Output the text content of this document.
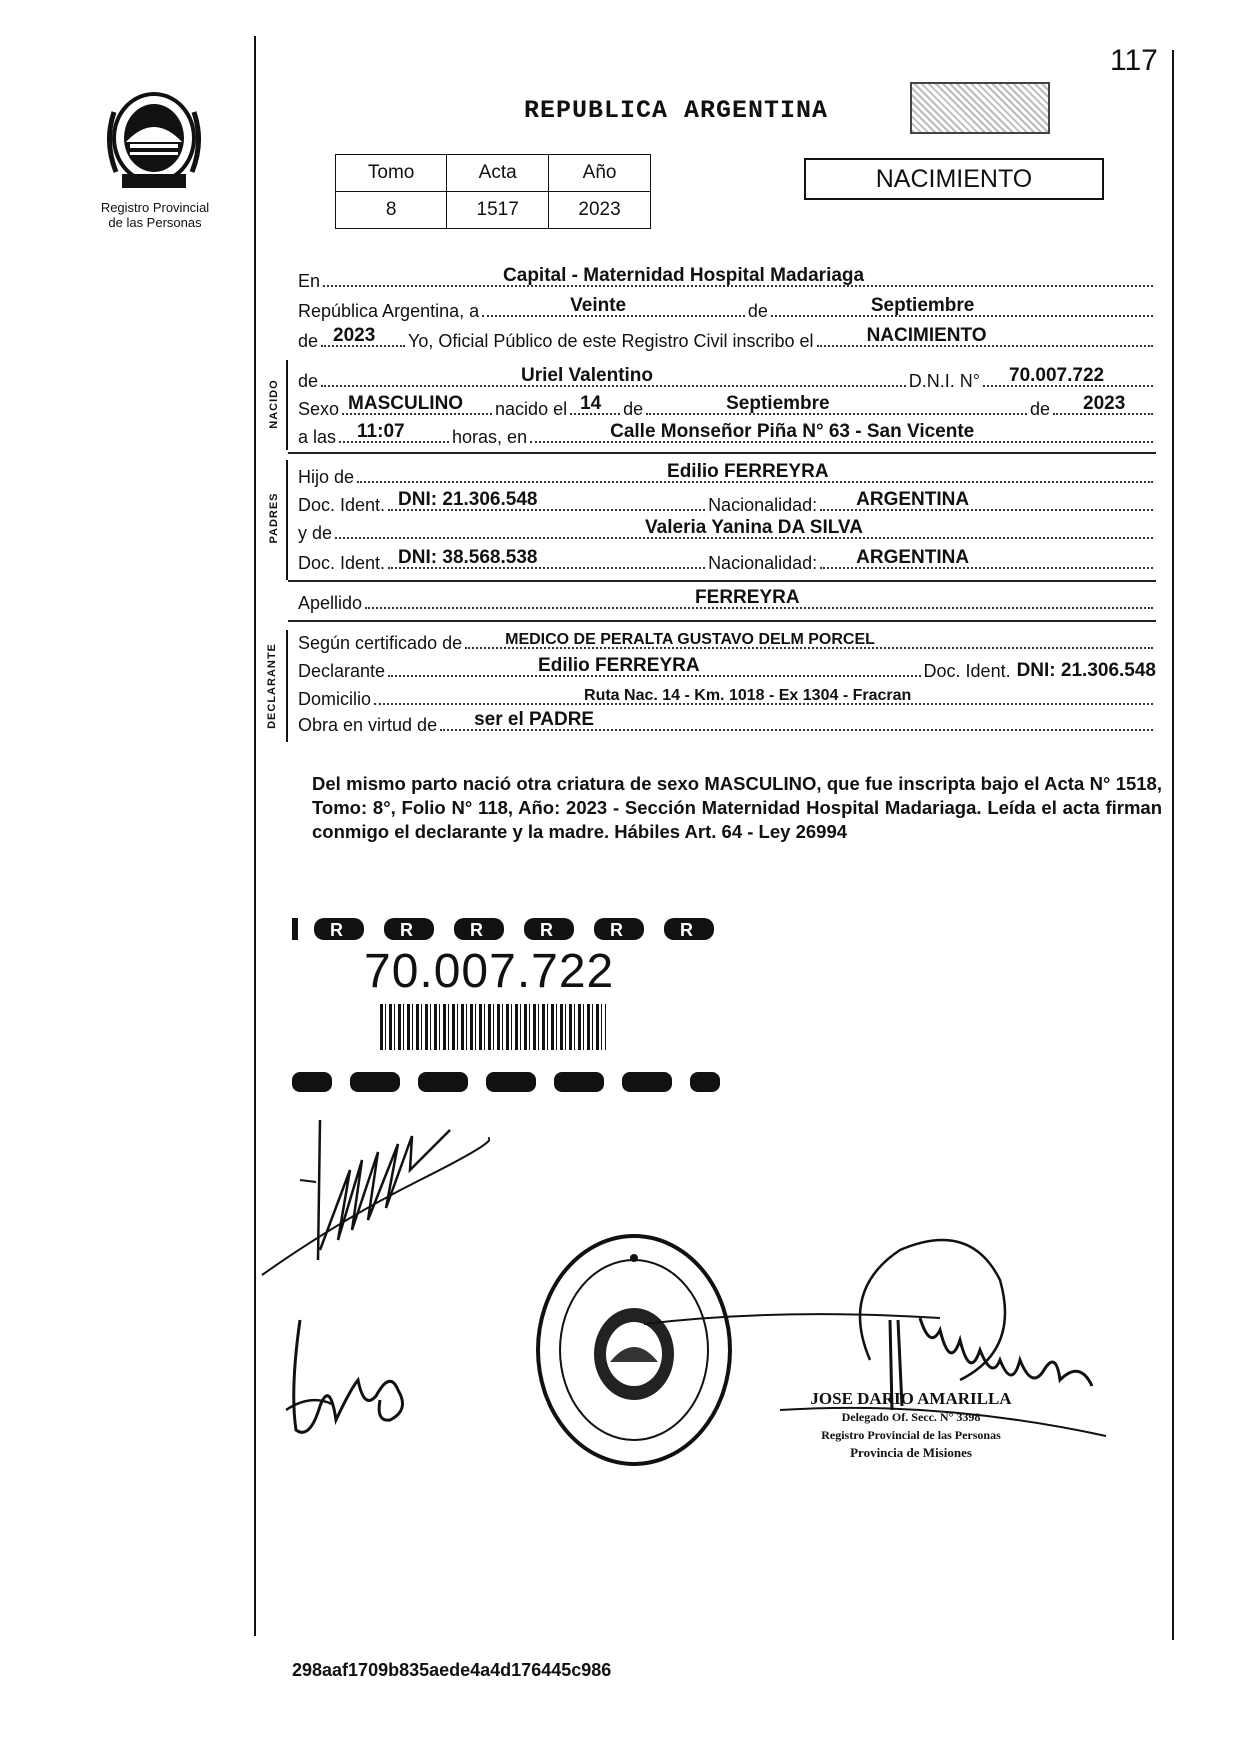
117
Registro Provincial
de las Personas
REPUBLICA ARGENTINA
Tomo	Acta	Año
8	1517	2023
NACIMIENTO
En	Capital - Maternidad Hospital Madariaga
República Argentina, a	Veinte	de	Septiembre
de 2023 Yo, Oficial Público de este Registro Civil inscribo el	NACIMIENTO
NACIDO de	Uriel Valentino	D.N.I. N° 70.007.722
Sexo MASCULINO nacido el 14 de	Septiembre	de 2023
a las 11:07	horas, en	Calle Monseñor Piña N° 63 - San Vicente
PADRES
Hijo de	Edilio FERREYRA
Doc. Ident. DNI: 21.306.548	Nacionalidad: ARGENTINA
y de	Valeria Yanina DA SILVA
Doc. Ident. DNI: 38.568.538	Nacionalidad: ARGENTINA
Apellido	FERREYRA
DECLARANTE
Según certificado de	MEDICO DE PERALTA GUSTAVO DELM PORCEL
Declarante	Edilio FERREYRA	Doc. Ident. DNI: 21.306.548
Domicilio	Ruta Nac. 14 - Km. 1018 - Ex 1304 - Fracran
Obra en virtud de ser el PADRE
Del mismo parto nació otra criatura de sexo MASCULINO, que fue inscripta bajo el Acta N° 1518, Tomo: 8°, Folio N° 118, Año: 2023 - Sección Maternidad Hospital Madariaga. Leída el acta firman conmigo el declarante y la madre. Hábiles Art. 64 - Ley 26994
R	R	R	R	R	R
70.007.722
JOSE DARIO AMARILLA
Delegado Of. Secc. N° 3398
Registro Provincial de las Personas
Provincia de Misiones
298aaf1709b835aede4a4d176445c986
